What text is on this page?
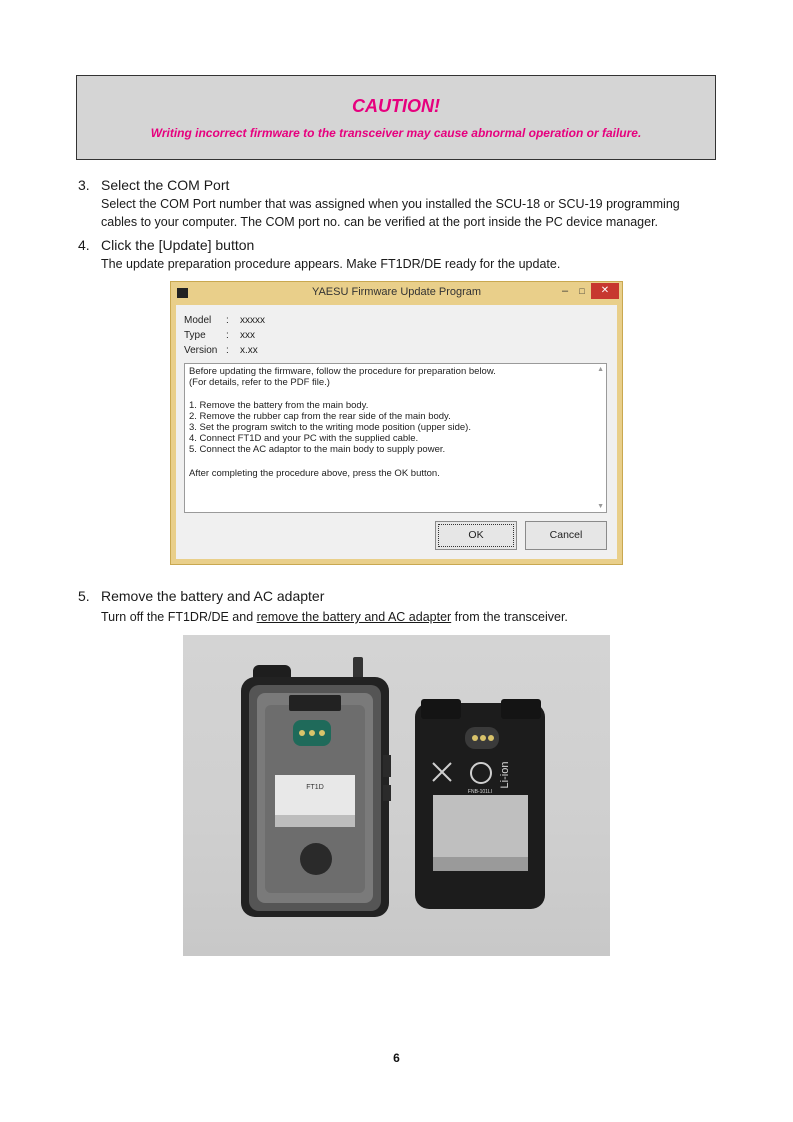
CAUTION!
Writing incorrect firmware to the transceiver may cause abnormal operation or failure.
3. Select the COM Port
Select the COM Port number that was assigned when you installed the SCU-18 or SCU-19 programming
cables to your computer. The COM port no. can be verified at the port inside the PC device manager.
4. Click the [Update] button
The update preparation procedure appears. Make FT1DR/DE ready for the update.
YAESU Firmware Update Program	–	□	✕
Model : xxxxx
Type : xxx
Version : x.xx
Before updating the firmware, follow the procedure for preparation below.
(For details, refer to the PDF file.)
1. Remove the battery from the main body.
2. Remove the rubber cap from the rear side of the main body.
3. Set the program switch to the writing mode position (upper side).
4. Connect FT1D and your PC with the supplied cable.
5. Connect the AC adaptor to the main body to supply power.
After completing the procedure above, press the OK button.
▲
▼
OK	Cancel
5. Remove the battery and AC adapter
Turn off the FT1DR/DE and remove the battery and AC adapter from the transceiver.
FT1D	Li-ion
FNB-101LI
6
